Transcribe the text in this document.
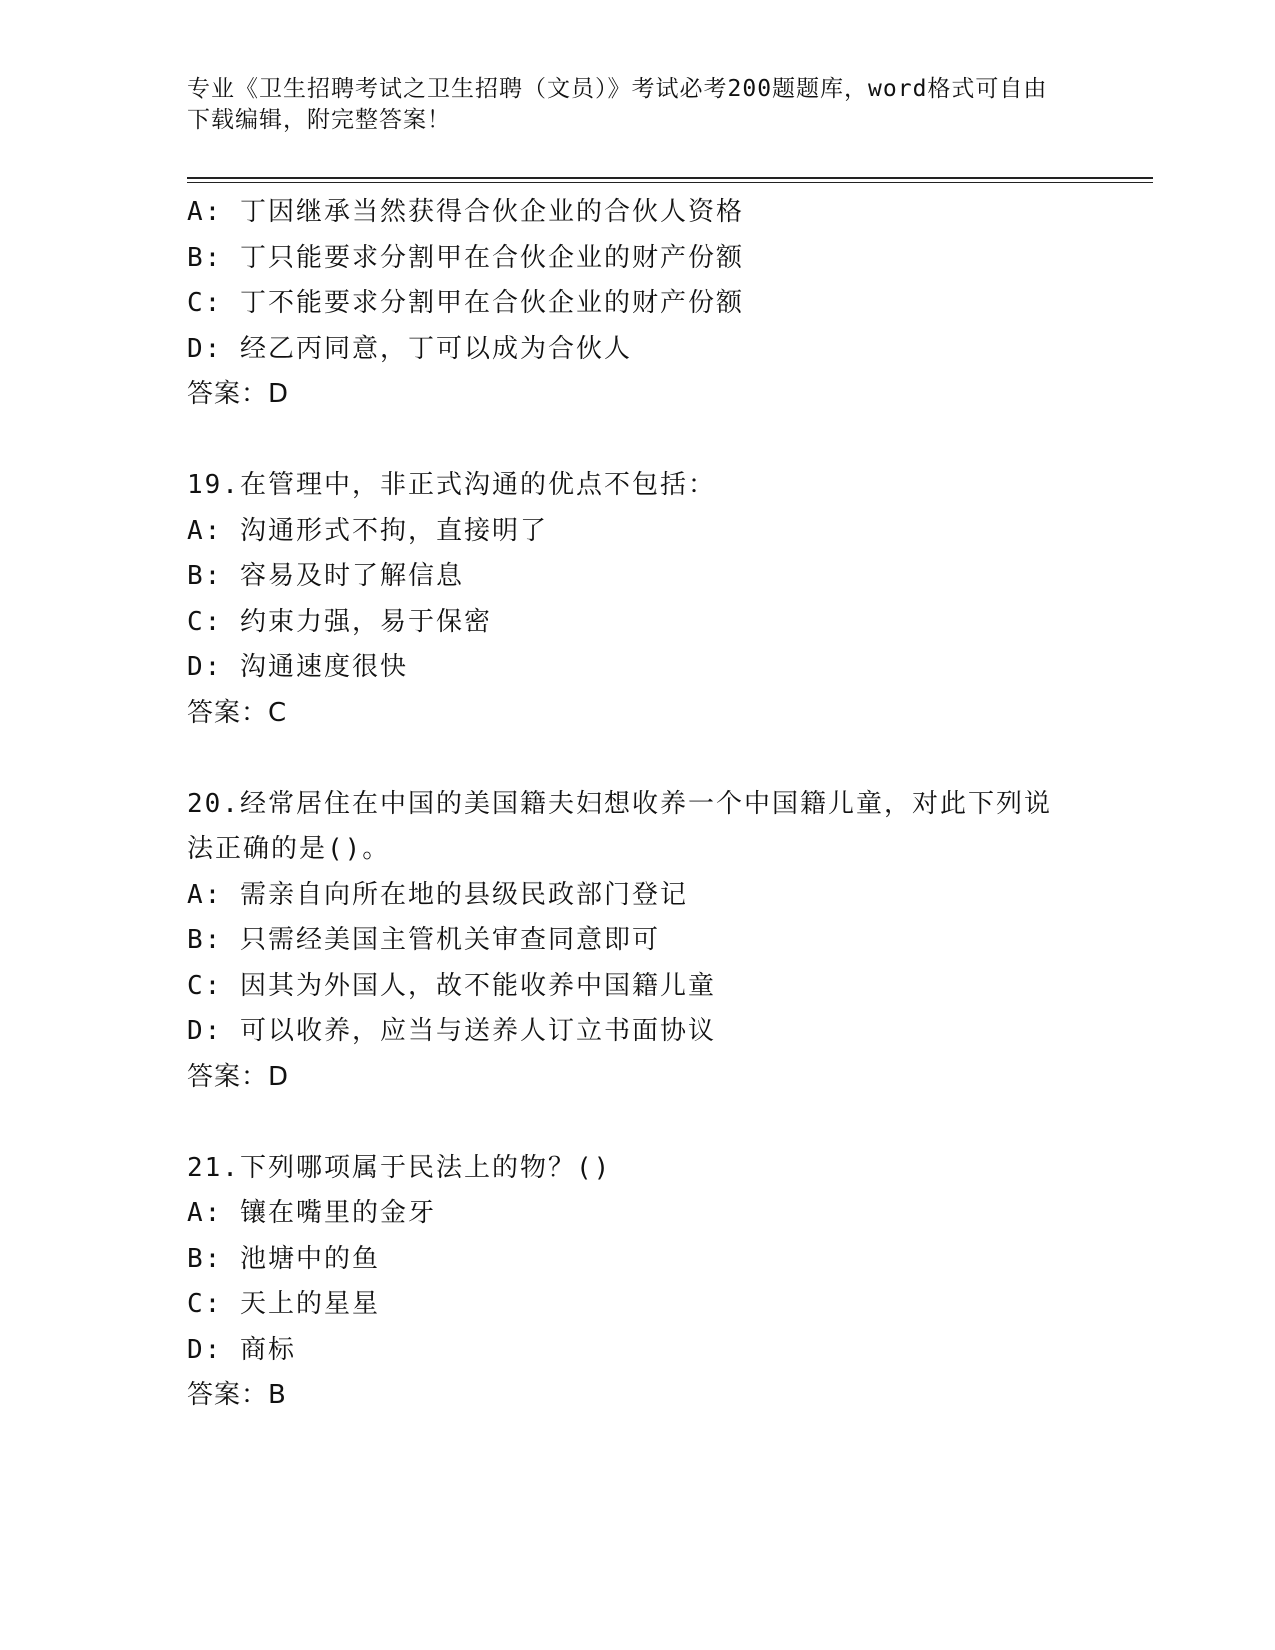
专业《卫生招聘考试之卫生招聘（文员）》考试必考200题题库，word格式可自由下载编辑，附完整答案！
A: 丁因继承当然获得合伙企业的合伙人资格
B: 丁只能要求分割甲在合伙企业的财产份额
C: 丁不能要求分割甲在合伙企业的财产份额
D: 经乙丙同意，丁可以成为合伙人
答案：D
19.在管理中，非正式沟通的优点不包括：
A: 沟通形式不拘，直接明了
B: 容易及时了解信息
C: 约束力强，易于保密
D: 沟通速度很快
答案：C
20.经常居住在中国的美国籍夫妇想收养一个中国籍儿童，对此下列说
法正确的是()。
A: 需亲自向所在地的县级民政部门登记
B: 只需经美国主管机关审查同意即可
C: 因其为外国人，故不能收养中国籍儿童
D: 可以收养，应当与送养人订立书面协议
答案：D
21.下列哪项属于民法上的物？()
A: 镶在嘴里的金牙
B: 池塘中的鱼
C: 天上的星星
D: 商标
答案：B
